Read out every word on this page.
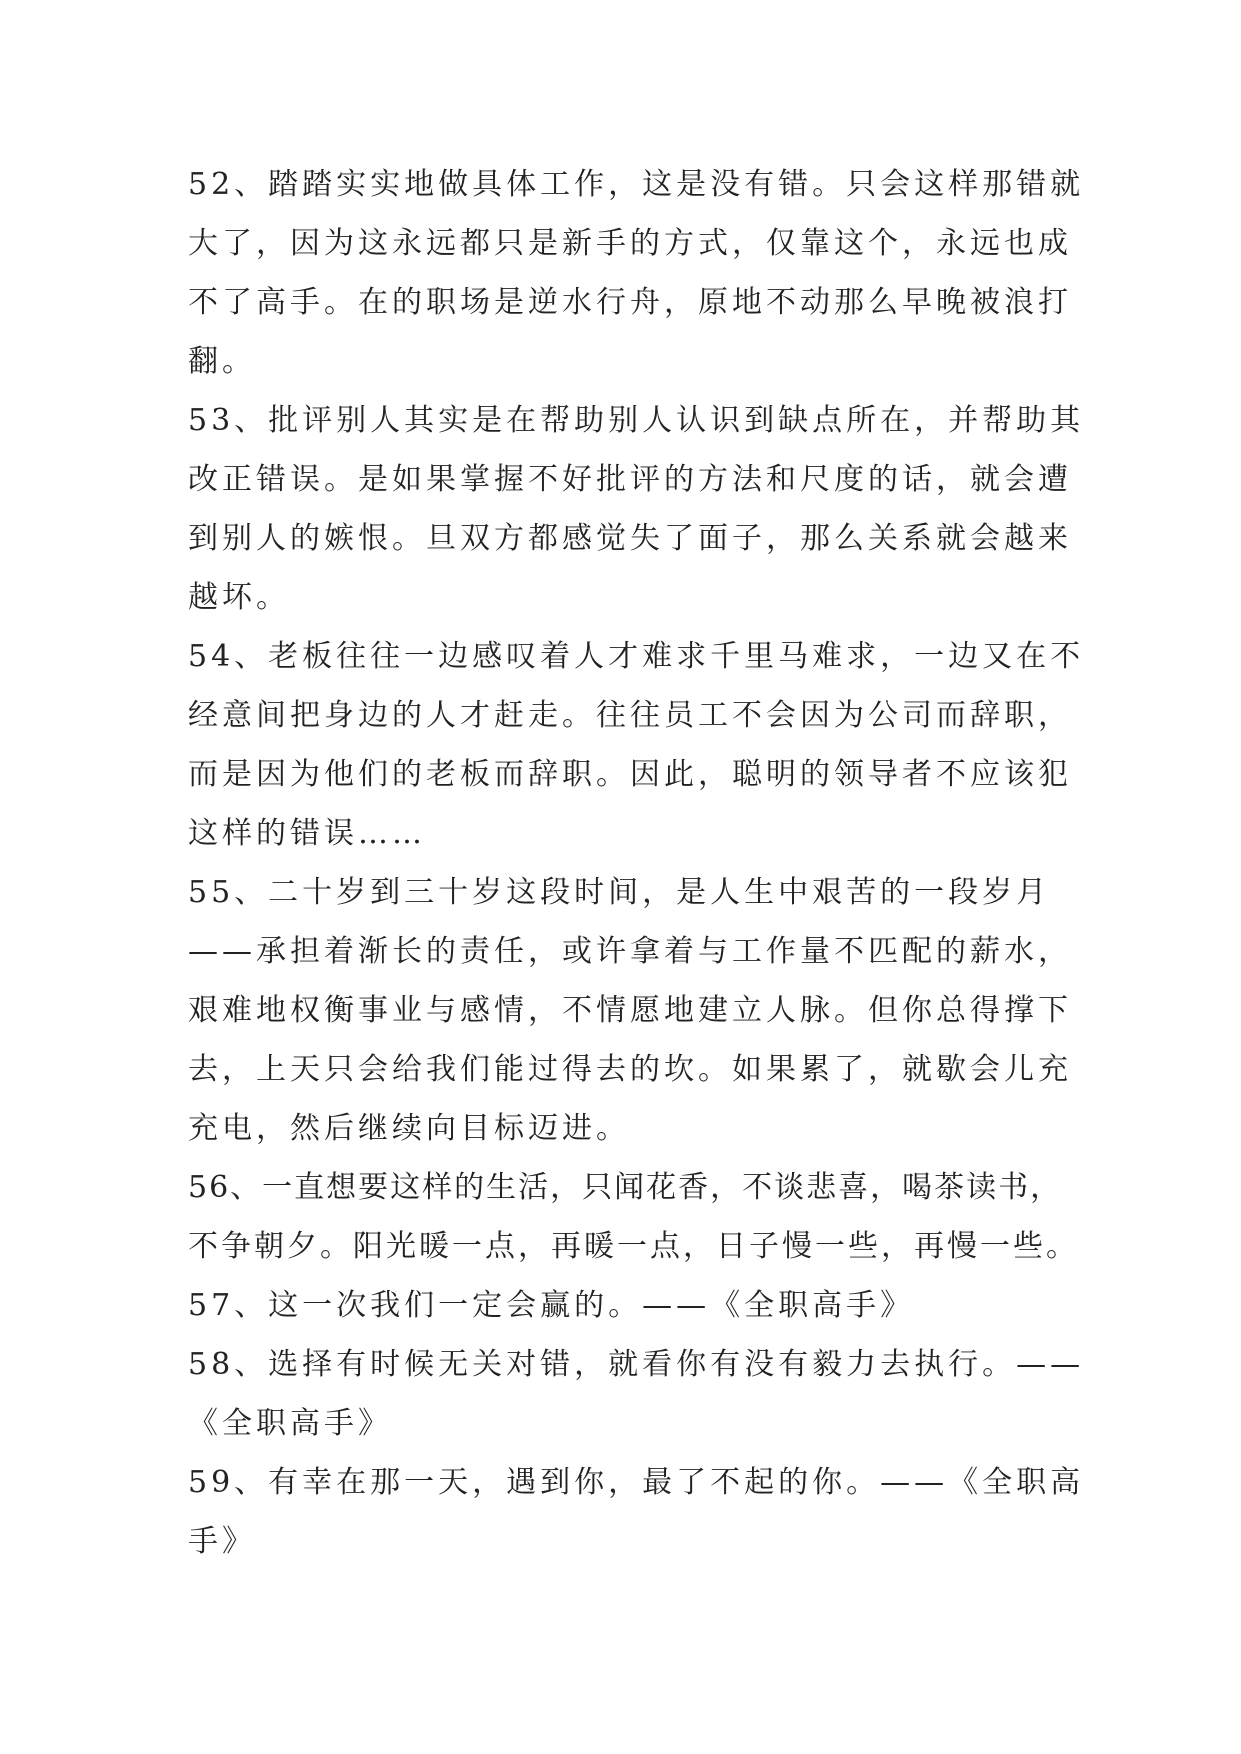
52、踏踏实实地做具体工作，这是没有错。只会这样那错就
大了，因为这永远都只是新手的方式，仅靠这个，永远也成
不了高手。在的职场是逆水行舟，原地不动那么早晚被浪打
翻。
53、批评别人其实是在帮助别人认识到缺点所在，并帮助其
改正错误。是如果掌握不好批评的方法和尺度的话，就会遭
到别人的嫉恨。旦双方都感觉失了面子，那么关系就会越来
越坏。
54、老板往往一边感叹着人才难求千里马难求，一边又在不
经意间把身边的人才赶走。往往员工不会因为公司而辞职，
而是因为他们的老板而辞职。因此，聪明的领导者不应该犯
这样的错误……
55、二十岁到三十岁这段时间，是人生中艰苦的一段岁月
——承担着渐长的责任，或许拿着与工作量不匹配的薪水，
艰难地权衡事业与感情，不情愿地建立人脉。但你总得撑下
去，上天只会给我们能过得去的坎。如果累了，就歇会儿充
充电，然后继续向目标迈进。
56、一直想要这样的生活，只闻花香，不谈悲喜，喝茶读书，
不争朝夕。阳光暖一点，再暖一点，日子慢一些，再慢一些。
57、这一次我们一定会赢的。——《全职高手》
58、选择有时候无关对错，就看你有没有毅力去执行。——
《全职高手》
59、有幸在那一天，遇到你，最了不起的你。——《全职高
手》
